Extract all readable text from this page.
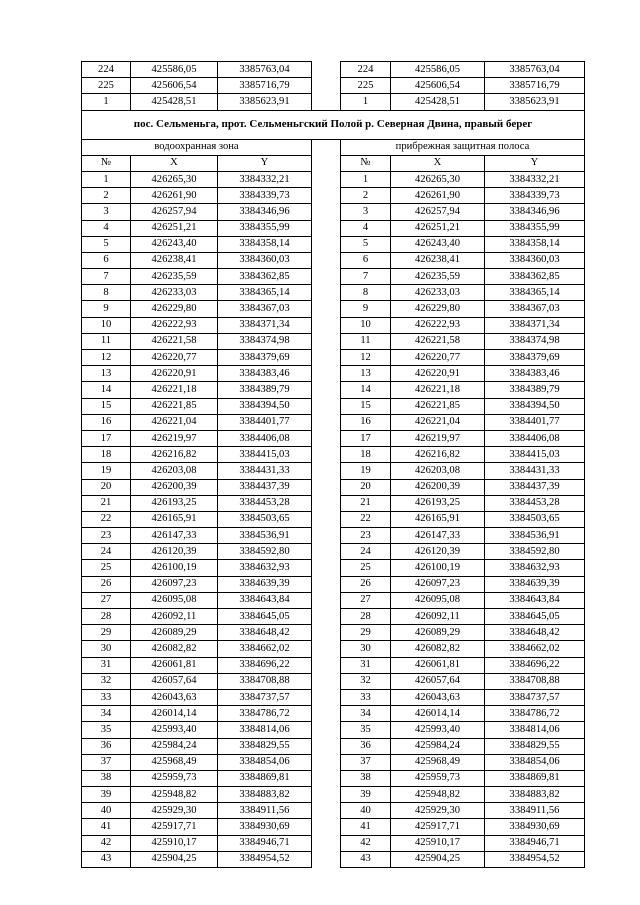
224	425586,05	3385763,04		224	425586,05	3385763,04
225	425606,54	3385716,79		225	425606,54	3385716,79
1	425428,51	3385623,91		1	425428,51	3385623,91
пос. Сельменьга, прот. Сельменьгский Полой р. Северная Двина, правый берег						
водоохранная зона				прибрежная защитная полоса		
№	X	Y		№	X	Y
1	426265,30	3384332,21		1	426265,30	3384332,21
2	426261,90	3384339,73		2	426261,90	3384339,73
3	426257,94	3384346,96		3	426257,94	3384346,96
4	426251,21	3384355,99		4	426251,21	3384355,99
5	426243,40	3384358,14		5	426243,40	3384358,14
6	426238,41	3384360,03		6	426238,41	3384360,03
7	426235,59	3384362,85		7	426235,59	3384362,85
8	426233,03	3384365,14		8	426233,03	3384365,14
9	426229,80	3384367,03		9	426229,80	3384367,03
10	426222,93	3384371,34		10	426222,93	3384371,34
11	426221,58	3384374,98		11	426221,58	3384374,98
12	426220,77	3384379,69		12	426220,77	3384379,69
13	426220,91	3384383,46		13	426220,91	3384383,46
14	426221,18	3384389,79		14	426221,18	3384389,79
15	426221,85	3384394,50		15	426221,85	3384394,50
16	426221,04	3384401,77		16	426221,04	3384401,77
17	426219,97	3384406,08		17	426219,97	3384406,08
18	426216,82	3384415,03		18	426216,82	3384415,03
19	426203,08	3384431,33		19	426203,08	3384431,33
20	426200,39	3384437,39		20	426200,39	3384437,39
21	426193,25	3384453,28		21	426193,25	3384453,28
22	426165,91	3384503,65		22	426165,91	3384503,65
23	426147,33	3384536,91		23	426147,33	3384536,91
24	426120,39	3384592,80		24	426120,39	3384592,80
25	426100,19	3384632,93		25	426100,19	3384632,93
26	426097,23	3384639,39		26	426097,23	3384639,39
27	426095,08	3384643,84		27	426095,08	3384643,84
28	426092,11	3384645,05		28	426092,11	3384645,05
29	426089,29	3384648,42		29	426089,29	3384648,42
30	426082,82	3384662,02		30	426082,82	3384662,02
31	426061,81	3384696,22		31	426061,81	3384696,22
32	426057,64	3384708,88		32	426057,64	3384708,88
33	426043,63	3384737,57		33	426043,63	3384737,57
34	426014,14	3384786,72		34	426014,14	3384786,72
35	425993,40	3384814,06		35	425993,40	3384814,06
36	425984,24	3384829,55		36	425984,24	3384829,55
37	425968,49	3384854,06		37	425968,49	3384854,06
38	425959,73	3384869,81		38	425959,73	3384869,81
39	425948,82	3384883,82		39	425948,82	3384883,82
40	425929,30	3384911,56		40	425929,30	3384911,56
41	425917,71	3384930,69		41	425917,71	3384930,69
42	425910,17	3384946,71		42	425910,17	3384946,71
43	425904,25	3384954,52		43	425904,25	3384954,52
